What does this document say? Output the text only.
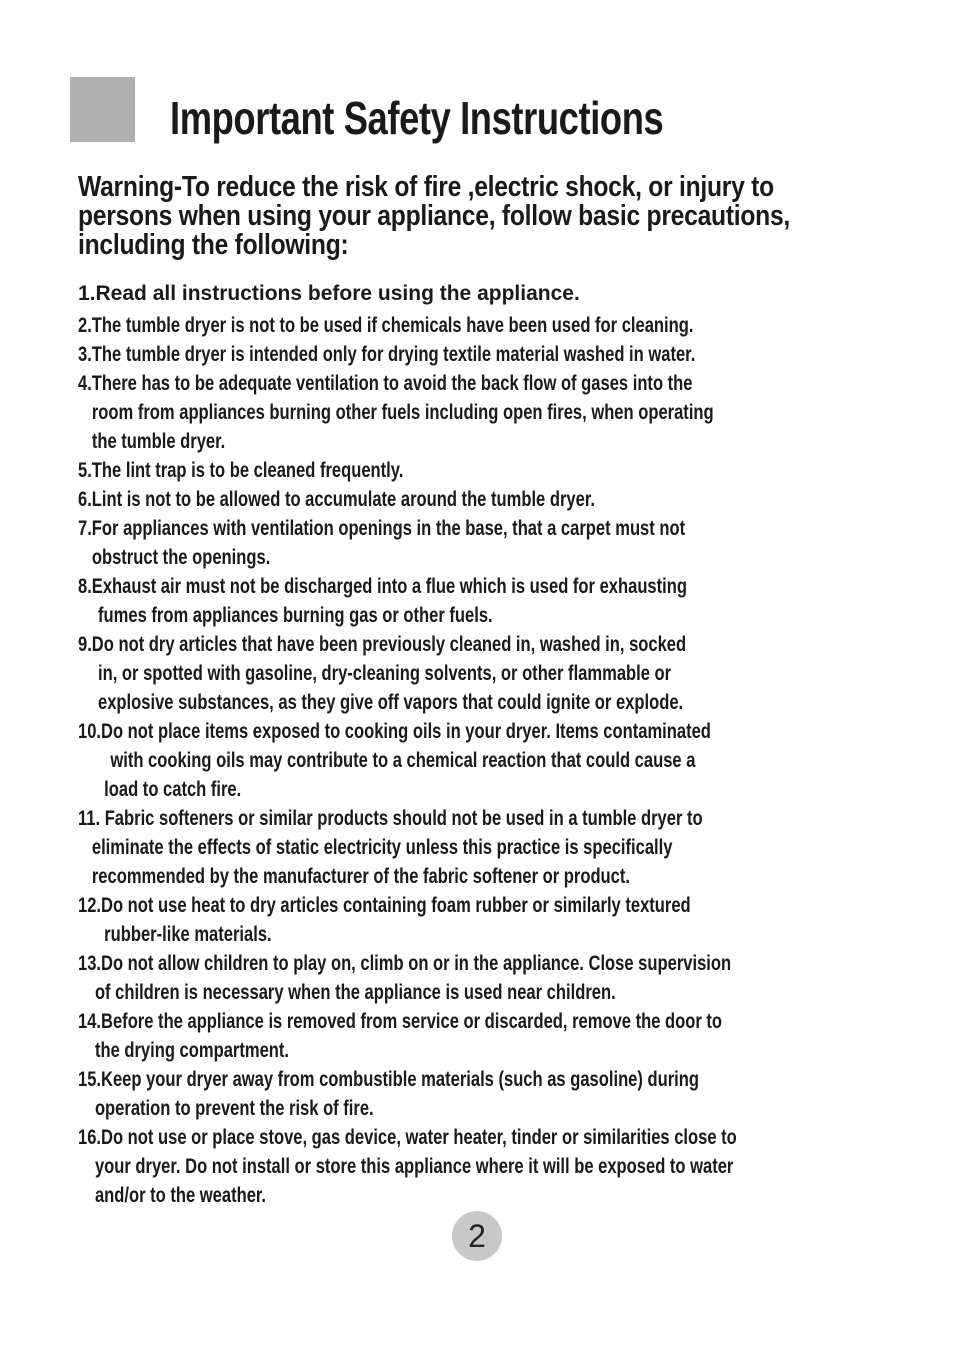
Important Safety Instructions
Warning-To reduce the risk of fire ,electric shock, or injury to
persons when using your appliance, follow basic precautions,
including the following:
1.Read all instructions before using the appliance.
2.The tumble dryer is not to be used if chemicals have been used for cleaning.
3.The tumble dryer is intended only for drying textile material washed in water.
4.There has to be adequate ventilation to avoid the back flow of gases into the
room from appliances burning other fuels including open fires, when operating
the tumble dryer.
5.The lint trap is to be cleaned frequently.
6.Lint is not to be allowed to accumulate around the tumble dryer.
7.For appliances with ventilation openings in the base, that a carpet must not
obstruct the openings.
8.Exhaust air must not be discharged into a flue which is used for exhausting
fumes from appliances burning gas or other fuels.
9.Do not dry articles that have been previously cleaned in, washed in, socked
in, or spotted with gasoline, dry-cleaning solvents, or other flammable or
explosive substances, as they give off vapors that could ignite or explode.
10.Do not place items exposed to cooking oils in your dryer. Items contaminated
with cooking oils may contribute to a chemical reaction that could cause a
load to catch fire.
11. Fabric softeners or similar products should not be used in a tumble dryer to
eliminate the effects of static electricity unless this practice is specifically
recommended by the manufacturer of the fabric softener or product.
12.Do not use heat to dry articles containing foam rubber or similarly textured
rubber-like materials.
13.Do not allow children to play on, climb on or in the appliance. Close supervision
of children is necessary when the appliance is used near children.
14.Before the appliance is removed from service or discarded, remove the door to
the drying compartment.
15.Keep your dryer away from combustible materials (such as gasoline) during
operation to prevent the risk of fire.
16.Do not use or place stove, gas device, water heater, tinder or similarities close to
your dryer. Do not install or store this appliance where it will be exposed to water
and/or to the weather.
2
